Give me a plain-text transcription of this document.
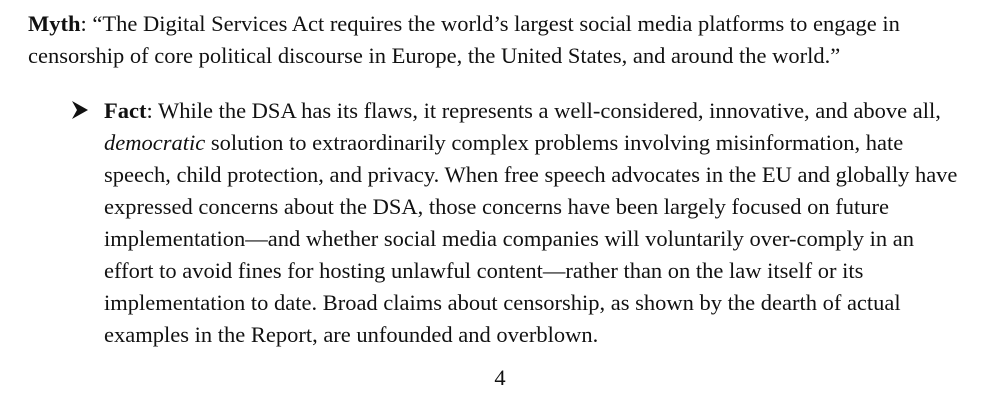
Myth: “The Digital Services Act requires the world’s largest social media platforms to engage in censorship of core political discourse in Europe, the United States, and around the world.”

Fact: While the DSA has its flaws, it represents a well-considered, innovative, and above all, democratic solution to extraordinarily complex problems involving misinformation, hate speech, child protection, and privacy. When free speech advocates in the EU and globally have expressed concerns about the DSA, those concerns have been largely focused on future implementation—and whether social media companies will voluntarily over-comply in an effort to avoid fines for hosting unlawful content—rather than on the law itself or its implementation to date. Broad claims about censorship, as shown by the dearth of actual examples in the Report, are unfounded and overblown.

4
